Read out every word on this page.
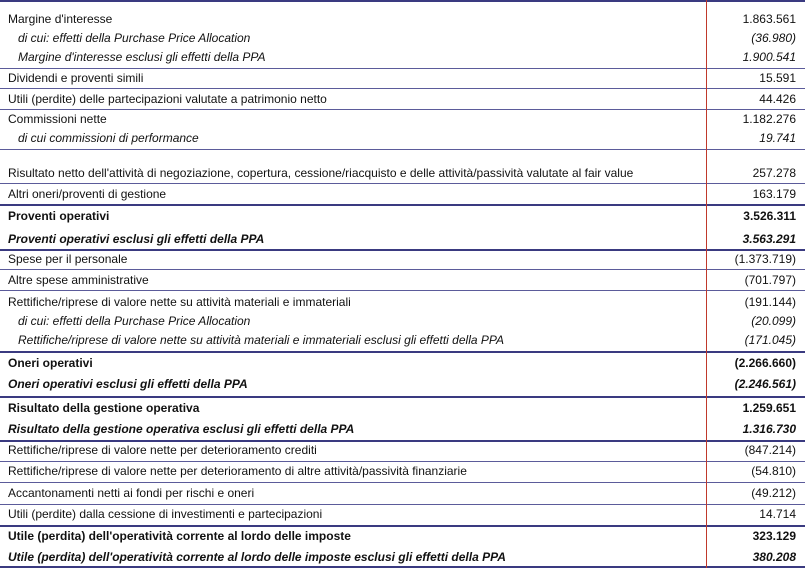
Margine d'interesse	1.863.561
di cui: effetti della Purchase Price Allocation	(36.980)
Margine d'interesse esclusi gli effetti della PPA	1.900.541
Dividendi e proventi simili	15.591
Utili (perdite) delle partecipazioni valutate a patrimonio netto	44.426
Commissioni nette	1.182.276
di cui commissioni di performance	19.741
Risultato netto dell'attività di negoziazione, copertura, cessione/riacquisto e delle attività/passività valutate al fair value	257.278
Altri oneri/proventi di gestione	163.179
Proventi operativi	3.526.311
Proventi operativi esclusi gli effetti della PPA	3.563.291
Spese per il personale	(1.373.719)
Altre spese amministrative	(701.797)
Rettifiche/riprese di valore nette su attività materiali e immateriali	(191.144)
di cui: effetti della Purchase Price Allocation	(20.099)
Rettifiche/riprese di valore nette su attività materiali e immateriali esclusi gli effetti della PPA	(171.045)
Oneri operativi	(2.266.660)
Oneri operativi esclusi gli effetti della PPA	(2.246.561)
Risultato della gestione operativa	1.259.651
Risultato della gestione operativa esclusi gli effetti della PPA	1.316.730
Rettifiche/riprese di valore nette per deterioramento crediti	(847.214)
Rettifiche/riprese di valore nette per deterioramento di altre attività/passività finanziarie	(54.810)
Accantonamenti netti ai fondi per rischi e oneri	(49.212)
Utili (perdite) dalla cessione di investimenti e partecipazioni	14.714
Utile (perdita) dell'operatività corrente al lordo delle imposte	323.129
Utile (perdita) dell'operatività corrente al lordo delle imposte esclusi gli effetti della PPA	380.208
